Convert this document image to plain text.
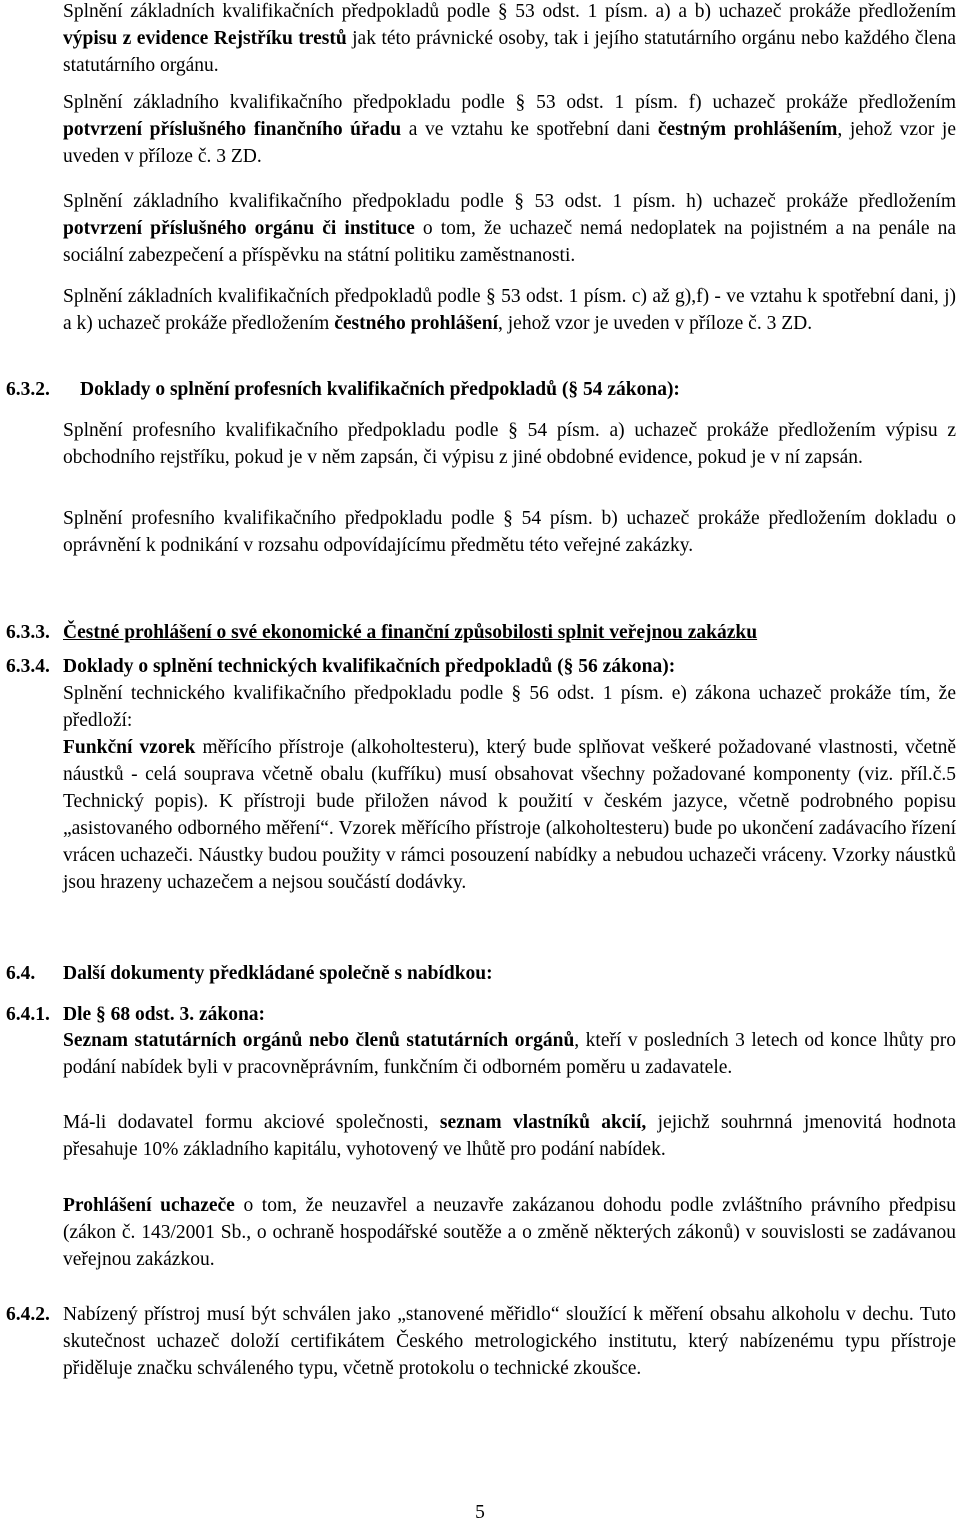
Splnění základních kvalifikačních předpokladů podle § 53 odst. 1 písm. a) a b) uchazeč prokáže předložením výpisu z evidence Rejstříku trestů jak této právnické osoby, tak i jejího statutárního orgánu nebo každého člena statutárního orgánu.

Splnění základního kvalifikačního předpokladu podle § 53 odst. 1 písm. f) uchazeč prokáže předložením potvrzení příslušného finančního úřadu a ve vztahu ke spotřební dani čestným prohlášením, jehož vzor je uveden v příloze č. 3 ZD.

Splnění základního kvalifikačního předpokladu podle § 53 odst. 1 písm. h) uchazeč prokáže předložením potvrzení příslušného orgánu či instituce o tom, že uchazeč nemá nedoplatek na pojistném a na penále na sociální zabezpečení a příspěvku na státní politiku zaměstnanosti.

Splnění základních kvalifikačních předpokladů podle § 53 odst. 1 písm. c) až g),f) - ve vztahu k spotřební dani, j) a k) uchazeč prokáže předložením čestného prohlášení, jehož vzor je uveden v příloze č. 3 ZD.

6.3.2. Doklady o splnění profesních kvalifikačních předpokladů (§ 54 zákona):

Splnění profesního kvalifikačního předpokladu podle § 54 písm. a) uchazeč prokáže předložením výpisu z obchodního rejstříku, pokud je v něm zapsán, či výpisu z jiné obdobné evidence, pokud je v ní zapsán.

Splnění profesního kvalifikačního předpokladu podle § 54 písm. b) uchazeč prokáže předložením dokladu o oprávnění k podnikání v rozsahu odpovídajícímu předmětu této veřejné zakázky.

6.3.3. Čestné prohlášení o své ekonomické a finanční způsobilosti splnit veřejnou zakázku
6.3.4. Doklady o splnění technických kvalifikačních předpokladů (§ 56 zákona):

Splnění technického kvalifikačního předpokladu podle § 56 odst. 1 písm. e) zákona uchazeč prokáže tím, že předloží:

Funkční vzorek měřícího přístroje (alkoholtesteru), který bude splňovat veškeré požadované vlastnosti, včetně náustků - celá souprava včetně obalu (kufříku) musí obsahovat všechny požadované komponenty (viz. příl.č.5 Technický popis). K přístroji bude přiložen návod k použití v českém jazyce, včetně podrobného popisu „asistovaného odborného měření“. Vzorek měřícího přístroje (alkoholtesteru) bude po ukončení zadávacího řízení vrácen uchazeči. Náustky budou použity v rámci posouzení nabídky a nebudou uchazeči vráceny. Vzorky náustků jsou hrazeny uchazečem a nejsou součástí dodávky.

6.4. Další dokumenty předkládané společně s nabídkou:
6.4.1. Dle § 68 odst. 3. zákona:

Seznam statutárních orgánů nebo členů statutárních orgánů, kteří v posledních 3 letech od konce lhůty pro podání nabídek byli v pracovněprávním, funkčním či odborném poměru u zadavatele.

Má-li dodavatel formu akciové společnosti, seznam vlastníků akcií, jejichž souhrnná jmenovitá hodnota přesahuje 10% základního kapitálu, vyhotovený ve lhůtě pro podání nabídek.

Prohlášení uchazeče o tom, že neuzavřel a neuzavře zakázanou dohodu podle zvláštního právního předpisu (zákon č. 143/2001 Sb., o ochraně hospodářské soutěže a o změně některých zákonů) v souvislosti se zadávanou veřejnou zakázkou.

6.4.2. Nabízený přístroj musí být schválen jako „stanovené měřidlo“ sloužící k měření obsahu alkoholu v dechu. Tuto skutečnost uchazeč doloží certifikátem Českého metrologického institutu, který nabízenému typu přístroje přiděluje značku schváleného typu, včetně protokolu o technické zkoušce.

5
